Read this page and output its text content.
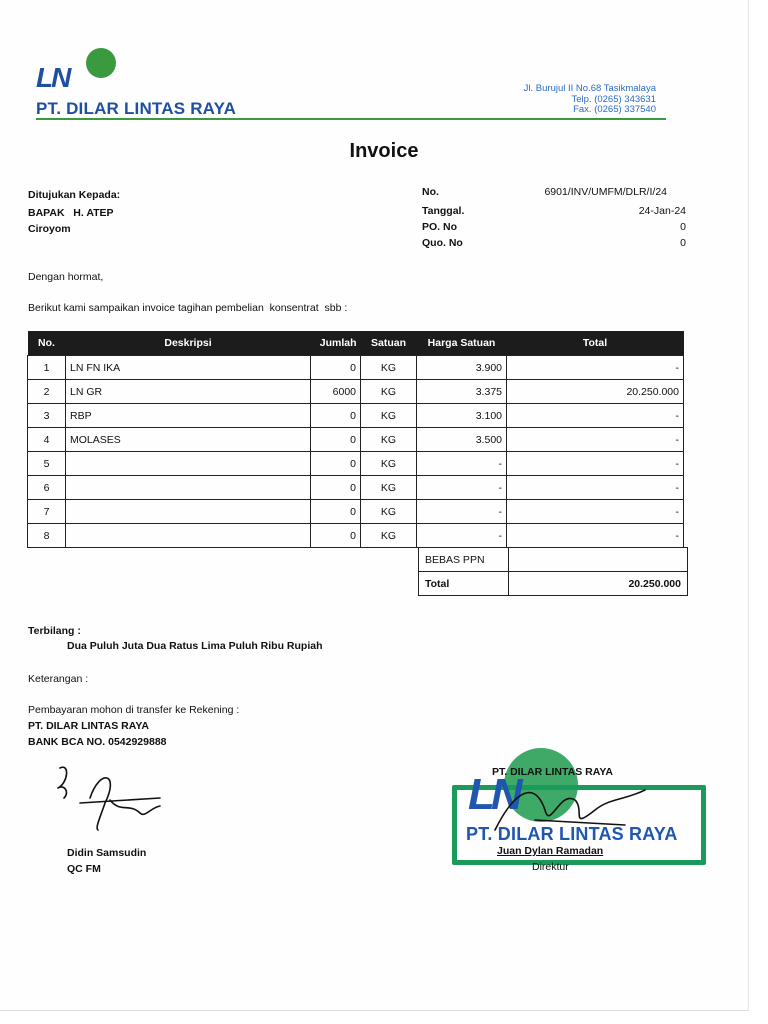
LN
PT. DILAR LINTAS RAYA
Jl. Burujul II No.68 Tasikmalaya
Telp. (0265) 343631
Fax. (0265) 337540
Invoice
Ditujukan Kepada:
BAPAK   H. ATEP
Ciroyom
No.	6901/INV/UMFM/DLR/I/24
Tanggal.	24-Jan-24
PO. No	0
Quo. No	0
Dengan hormat,
Berikut kami sampaikan invoice tagihan pembelian  konsentrat  sbb :
No.	Deskripsi	Jumlah	Satuan	Harga Satuan	Total
1	LN FN IKA	0	KG	3.900	-
2	LN GR	6000	KG	3.375	20.250.000
3	RBP	0	KG	3.100	-
4	MOLASES	0	KG	3.500	-
5		0	KG	-	-
6		0	KG	-	-
7		0	KG	-	-
8		0	KG	-	-
BEBAS PPN	
Total	20.250.000
Terbilang :
Dua Puluh Juta Dua Ratus Lima Puluh Ribu Rupiah
Keterangan :
Pembayaran mohon di transfer ke Rekening :
PT. DILAR LINTAS RAYA
BANK BCA NO. 0542929888
Didin Samsudin
QC FM
LN
PT. DILAR LINTAS RAYA
PT. DILAR LINTAS RAYA
Juan Dylan Ramadan
Direktur
